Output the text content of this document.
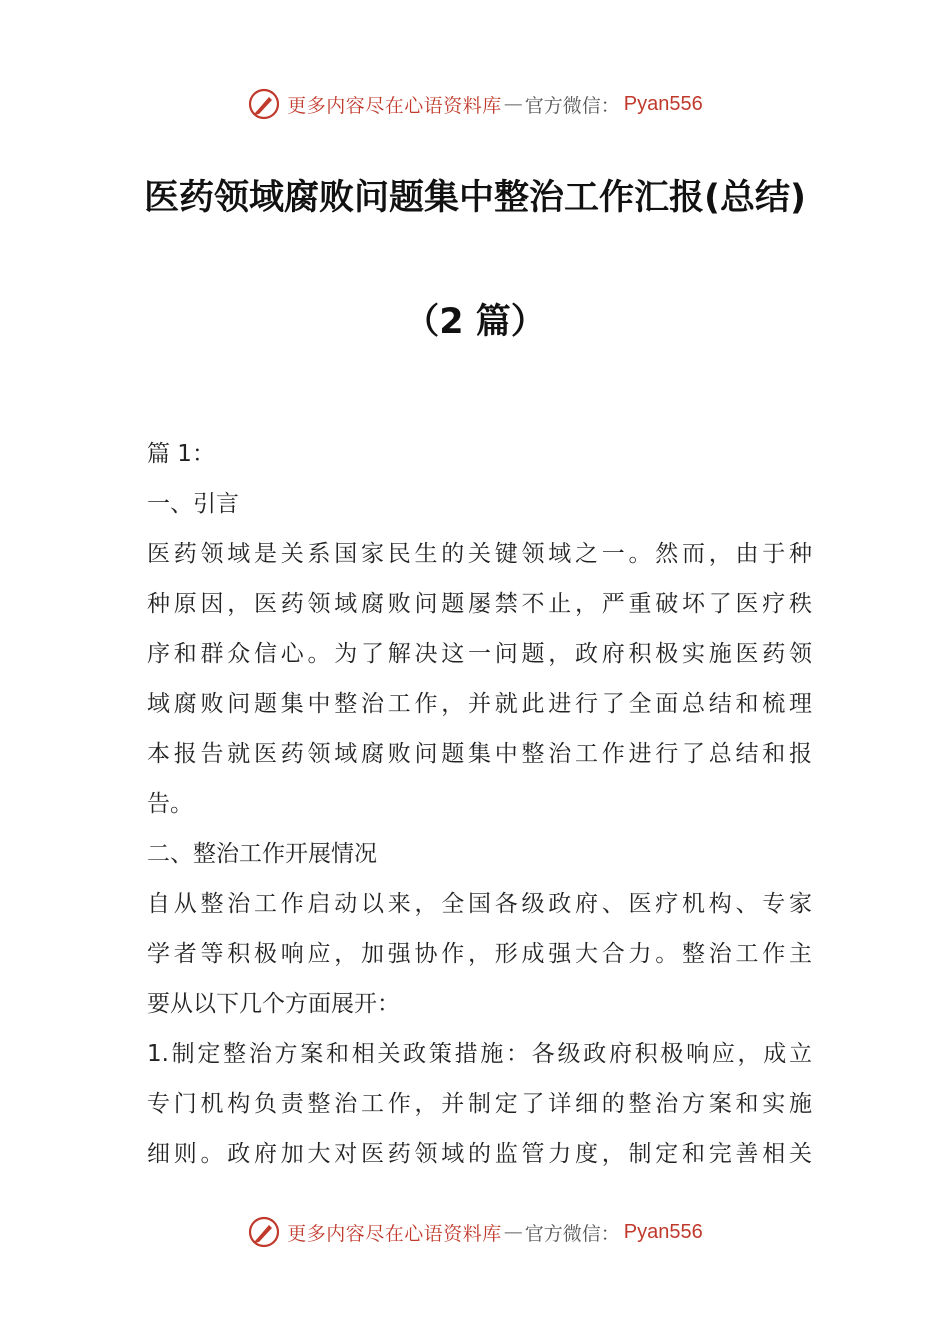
更多内容尽在心语资料库 — 官方微信： Pyan556
医药领域腐败问题集中整治工作汇报(总结)
（2 篇）
篇 1：
一、引言
医药领域是关系国家民生的关键领域之一。然而，由于种
种原因，医药领域腐败问题屡禁不止，严重破坏了医疗秩
序和群众信心。为了解决这一问题，政府积极实施医药领
域腐败问题集中整治工作，并就此进行了全面总结和梳理
本报告就医药领域腐败问题集中整治工作进行了总结和报
告。
二、整治工作开展情况
自从整治工作启动以来，全国各级政府、医疗机构、专家
学者等积极响应，加强协作，形成强大合力。整治工作主
要从以下几个方面展开：
1.制定整治方案和相关政策措施：各级政府积极响应，成立
专门机构负责整治工作，并制定了详细的整治方案和实施
细则。政府加大对医药领域的监管力度，制定和完善相关
更多内容尽在心语资料库 — 官方微信： Pyan556
